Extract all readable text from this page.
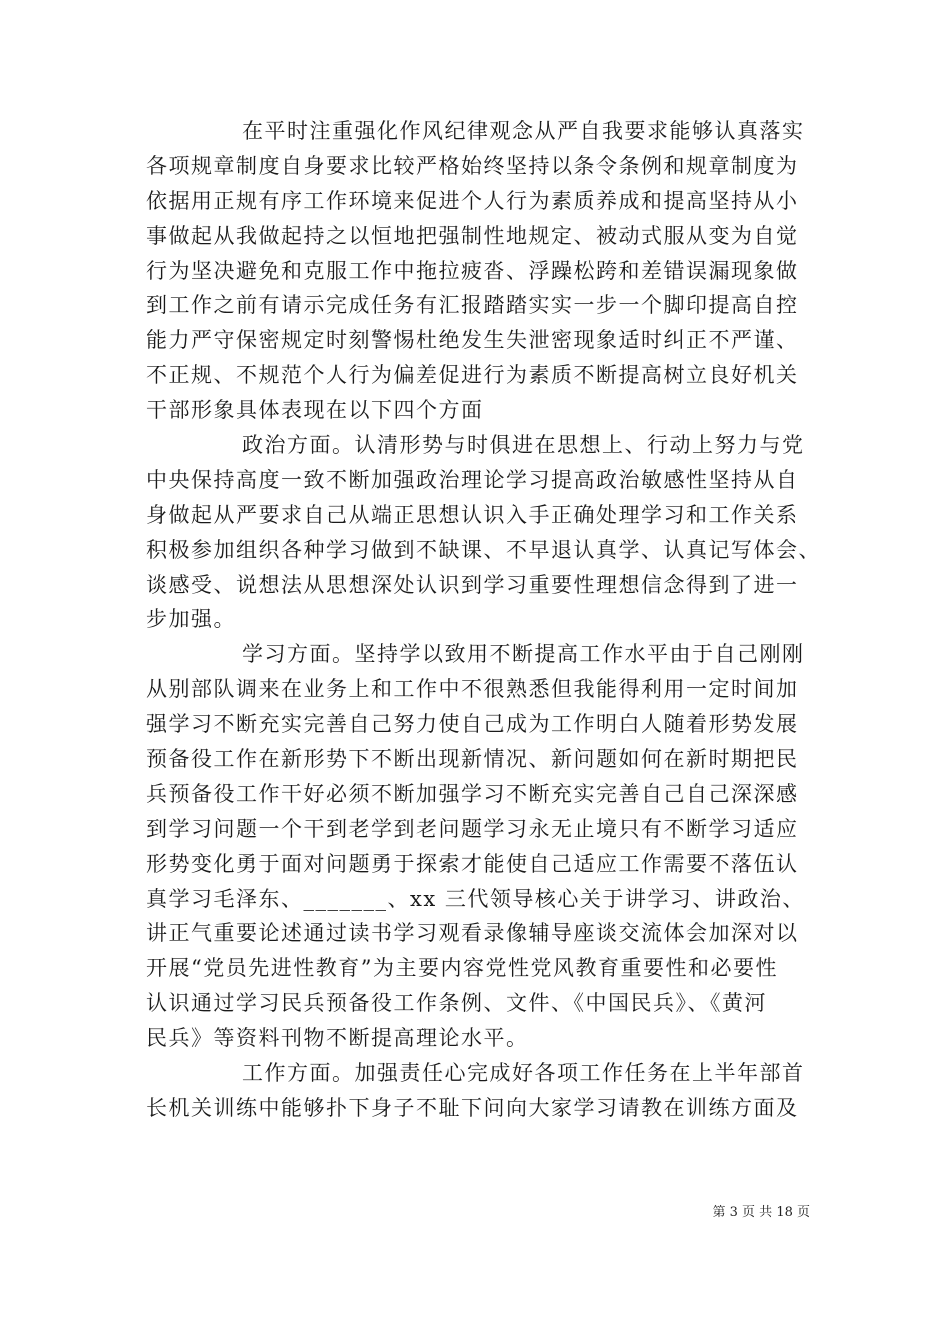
在平时注重强化作风纪律观念从严自我要求能够认真落实
各项规章制度自身要求比较严格始终坚持以条令条例和规章制度为
依据用正规有序工作环境来促进个人行为素质养成和提高坚持从小
事做起从我做起持之以恒地把强制性地规定、被动式服从变为自觉
行为坚决避免和克服工作中拖拉疲沓、浮躁松跨和差错误漏现象做
到工作之前有请示完成任务有汇报踏踏实实一步一个脚印提高自控
能力严守保密规定时刻警惕杜绝发生失泄密现象适时纠正不严谨、
不正规、不规范个人行为偏差促进行为素质不断提高树立良好机关
干部形象具体表现在以下四个方面
政治方面。认清形势与时俱进在思想上、行动上努力与党
中央保持高度一致不断加强政治理论学习提高政治敏感性坚持从自
身做起从严要求自己从端正思想认识入手正确处理学习和工作关系
积极参加组织各种学习做到不缺课、不早退认真学、认真记写体会、
谈感受、说想法从思想深处认识到学习重要性理想信念得到了进一
步加强。
学习方面。坚持学以致用不断提高工作水平由于自己刚刚
从别部队调来在业务上和工作中不很熟悉但我能得利用一定时间加
强学习不断充实完善自己努力使自己成为工作明白人随着形势发展
预备役工作在新形势下不断出现新情况、新问题如何在新时期把民
兵预备役工作干好必须不断加强学习不断充实完善自己自己深深感
到学习问题一个干到老学到老问题学习永无止境只有不断学习适应
形势变化勇于面对问题勇于探索才能使自己适应工作需要不落伍认
真学习毛泽东、_______、xx 三代领导核心关于讲学习、讲政治、
讲正气重要论述通过读书学习观看录像辅导座谈交流体会加深对以
开展“党员先进性教育”为主要内容党性党风教育重要性和必要性
认识通过学习民兵预备役工作条例、文件、《中国民兵》、《黄河
民兵》等资料刊物不断提高理论水平。
工作方面。加强责任心完成好各项工作任务在上半年部首
长机关训练中能够扑下身子不耻下问向大家学习请教在训练方面及
第 3 页 共 18 页
